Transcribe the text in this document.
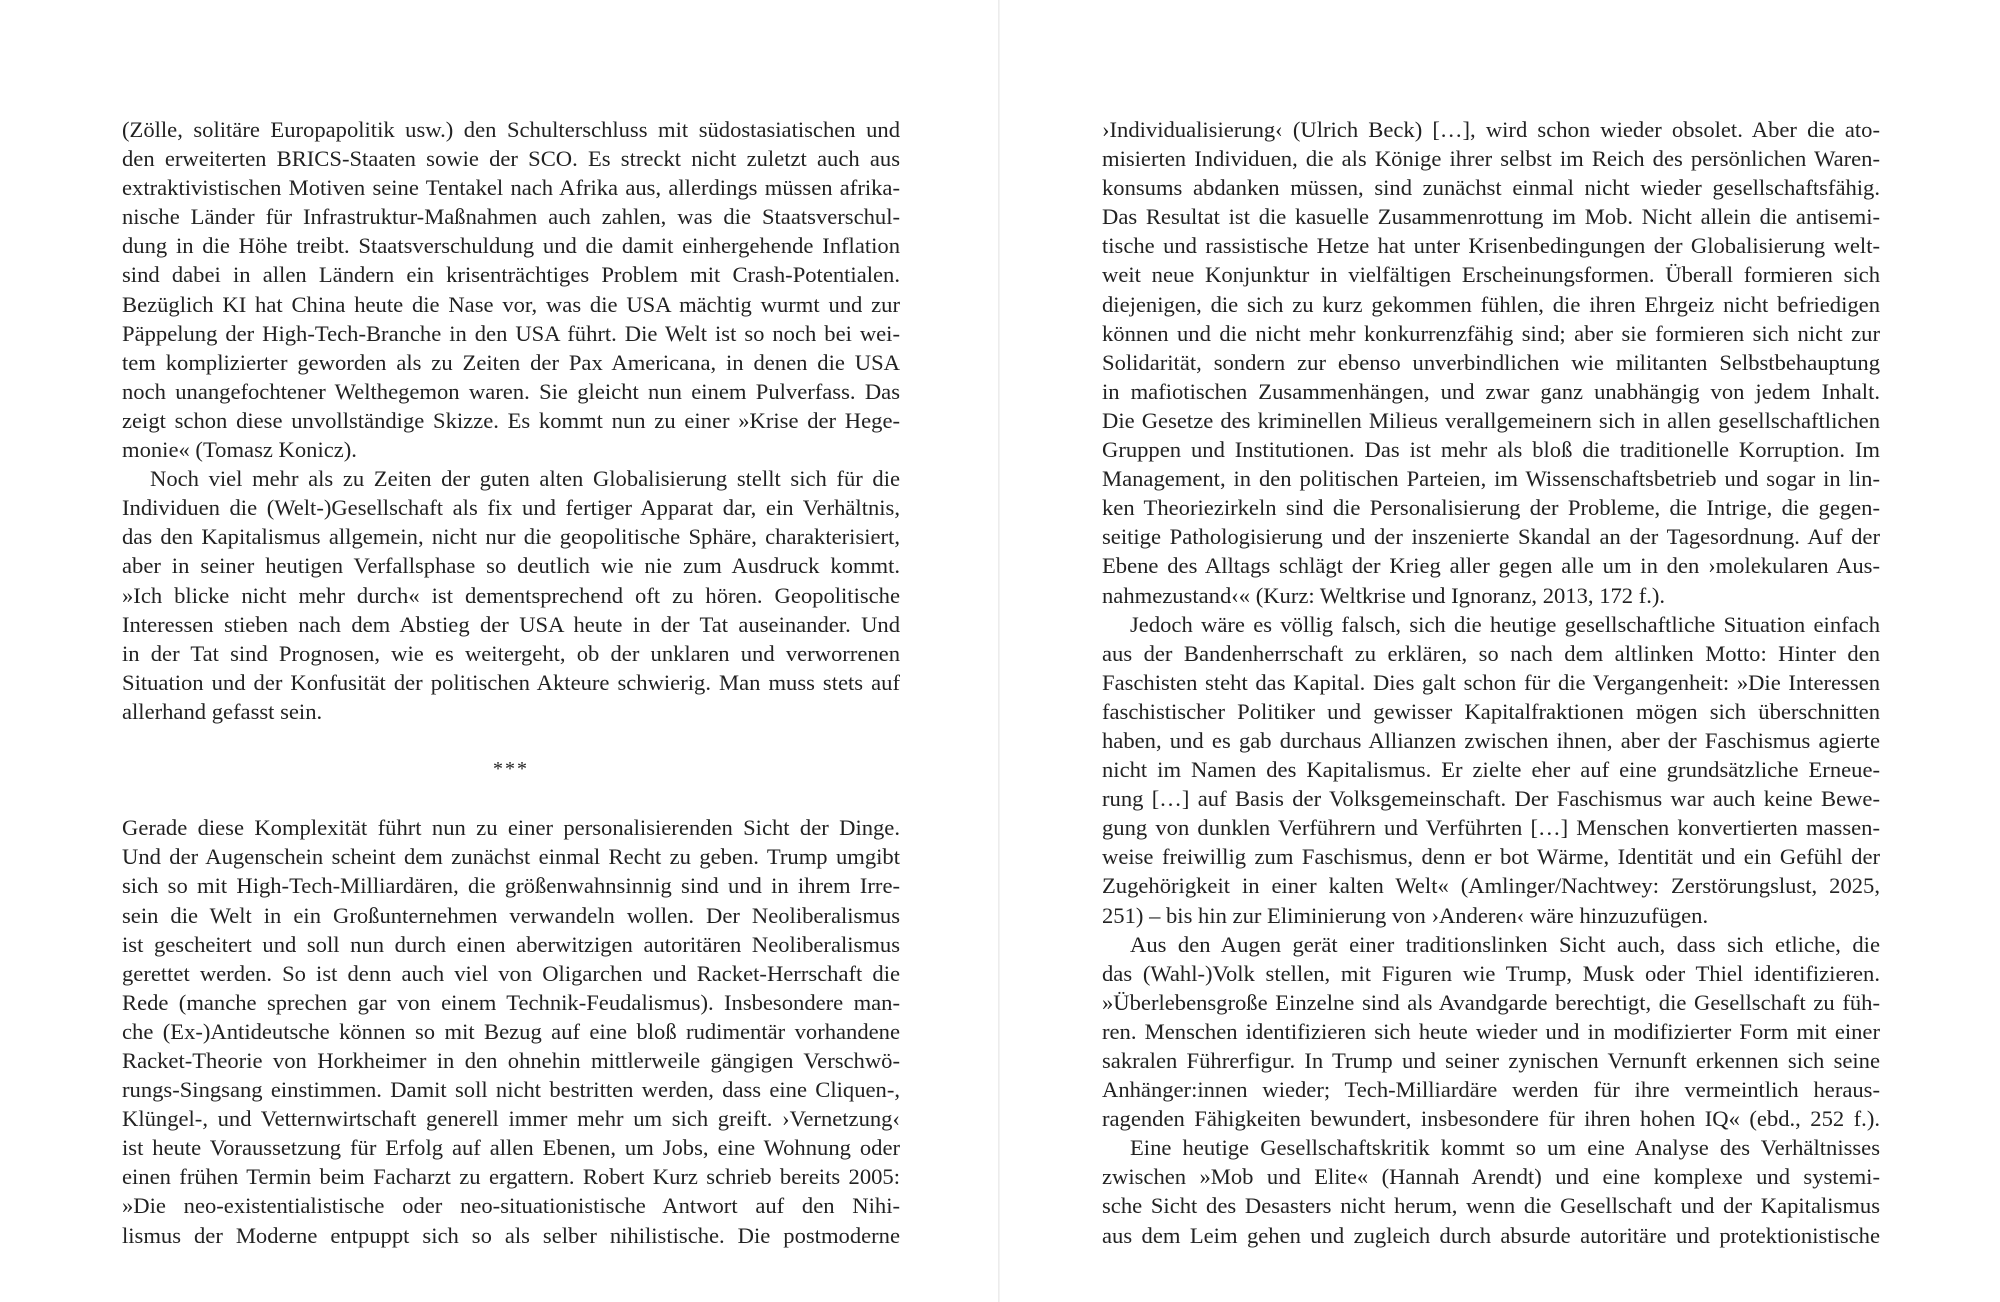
(Zölle, solitäre Europapolitik usw.) den Schulterschluss mit südostasiatischen und
den erweiterten BRICS-Staaten sowie der SCO. Es streckt nicht zuletzt auch aus
extraktivistischen Motiven seine Tentakel nach Afrika aus, allerdings müssen afrika-
nische Länder für Infrastruktur-Maßnahmen auch zahlen, was die Staatsverschul-
dung in die Höhe treibt. Staatsverschuldung und die damit einhergehende Inflation
sind dabei in allen Ländern ein krisenträchtiges Problem mit Crash-Potentialen.
Bezüglich KI hat China heute die Nase vor, was die USA mächtig wurmt und zur
Päppelung der High-Tech-Branche in den USA führt. Die Welt ist so noch bei wei-
tem komplizierter geworden als zu Zeiten der Pax Americana, in denen die USA
noch unangefochtener Welthegemon waren. Sie gleicht nun einem Pulverfass. Das
zeigt schon diese unvollständige Skizze. Es kommt nun zu einer »Krise der Hege-
monie« (Tomasz Konicz).
Noch viel mehr als zu Zeiten der guten alten Globalisierung stellt sich für die
Individuen die (Welt-)Gesellschaft als fix und fertiger Apparat dar, ein Verhältnis,
das den Kapitalismus allgemein, nicht nur die geopolitische Sphäre, charakterisiert,
aber in seiner heutigen Verfallsphase so deutlich wie nie zum Ausdruck kommt.
»Ich blicke nicht mehr durch« ist dementsprechend oft zu hören. Geopolitische
Interessen stieben nach dem Abstieg der USA heute in der Tat auseinander. Und
in der Tat sind Prognosen, wie es weitergeht, ob der unklaren und verworrenen
Situation und der Konfusität der politischen Akteure schwierig. Man muss stets auf
allerhand gefasst sein.
***
Gerade diese Komplexität führt nun zu einer personalisierenden Sicht der Dinge.
Und der Augenschein scheint dem zunächst einmal Recht zu geben. Trump umgibt
sich so mit High-Tech-Milliardären, die größenwahnsinnig sind und in ihrem Irre-
sein die Welt in ein Großunternehmen verwandeln wollen. Der Neoliberalismus
ist gescheitert und soll nun durch einen aberwitzigen autoritären Neoliberalismus
gerettet werden. So ist denn auch viel von Oligarchen und Racket-Herrschaft die
Rede (manche sprechen gar von einem Technik-Feudalismus). Insbesondere man-
che (Ex-)Antideutsche können so mit Bezug auf eine bloß rudimentär vorhandene
Racket-Theorie von Horkheimer in den ohnehin mittlerweile gängigen Verschwö-
rungs-Singsang einstimmen. Damit soll nicht bestritten werden, dass eine Cliquen-,
Klüngel-, und Vetternwirtschaft generell immer mehr um sich greift. ›Vernetzung‹
ist heute Voraussetzung für Erfolg auf allen Ebenen, um Jobs, eine Wohnung oder
einen frühen Termin beim Facharzt zu ergattern. Robert Kurz schrieb bereits 2005:
»Die neo-existentialistische oder neo-situationistische Antwort auf den Nihi-
lismus der Moderne entpuppt sich so als selber nihilistische. Die postmoderne
›Individualisierung‹ (Ulrich Beck) […], wird schon wieder obsolet. Aber die ato-
misierten Individuen, die als Könige ihrer selbst im Reich des persönlichen Waren-
konsums abdanken müssen, sind zunächst einmal nicht wieder gesellschaftsfähig.
Das Resultat ist die kasuelle Zusammenrottung im Mob. Nicht allein die antisemi-
tische und rassistische Hetze hat unter Krisenbedingungen der Globalisierung welt-
weit neue Konjunktur in vielfältigen Erscheinungsformen. Überall formieren sich
diejenigen, die sich zu kurz gekommen fühlen, die ihren Ehrgeiz nicht befriedigen
können und die nicht mehr konkurrenzfähig sind; aber sie formieren sich nicht zur
Solidarität, sondern zur ebenso unverbindlichen wie militanten Selbstbehauptung
in mafiotischen Zusammenhängen, und zwar ganz unabhängig von jedem Inhalt.
Die Gesetze des kriminellen Milieus verallgemeinern sich in allen gesellschaftlichen
Gruppen und Institutionen. Das ist mehr als bloß die traditionelle Korruption. Im
Management, in den politischen Parteien, im Wissenschaftsbetrieb und sogar in lin-
ken Theoriezirkeln sind die Personalisierung der Probleme, die Intrige, die gegen-
seitige Pathologisierung und der inszenierte Skandal an der Tagesordnung. Auf der
Ebene des Alltags schlägt der Krieg aller gegen alle um in den ›molekularen Aus-
nahmezustand‹« (Kurz: Weltkrise und Ignoranz, 2013, 172 f.).
Jedoch wäre es völlig falsch, sich die heutige gesellschaftliche Situation einfach
aus der Bandenherrschaft zu erklären, so nach dem altlinken Motto: Hinter den
Faschisten steht das Kapital. Dies galt schon für die Vergangenheit: »Die Interessen
faschistischer Politiker und gewisser Kapitalfraktionen mögen sich überschnitten
haben, und es gab durchaus Allianzen zwischen ihnen, aber der Faschismus agierte
nicht im Namen des Kapitalismus. Er zielte eher auf eine grundsätzliche Erneue-
rung […] auf Basis der Volksgemeinschaft. Der Faschismus war auch keine Bewe-
gung von dunklen Verführern und Verführten […] Menschen konvertierten massen-
weise freiwillig zum Faschismus, denn er bot Wärme, Identität und ein Gefühl der
Zugehörigkeit in einer kalten Welt« (Amlinger/Nachtwey: Zerstörungslust, 2025,
251) – bis hin zur Eliminierung von ›Anderen‹ wäre hinzuzufügen.
Aus den Augen gerät einer traditionslinken Sicht auch, dass sich etliche, die
das (Wahl-)Volk stellen, mit Figuren wie Trump, Musk oder Thiel identifizieren.
»Überlebensgroße Einzelne sind als Avandgarde berechtigt, die Gesellschaft zu füh-
ren. Menschen identifizieren sich heute wieder und in modifizierter Form mit einer
sakralen Führerfigur. In Trump und seiner zynischen Vernunft erkennen sich seine
Anhänger:innen wieder; Tech-Milliardäre werden für ihre vermeintlich heraus-
ragenden Fähigkeiten bewundert, insbesondere für ihren hohen IQ« (ebd., 252 f.).
Eine heutige Gesellschaftskritik kommt so um eine Analyse des Verhältnisses
zwischen »Mob und Elite« (Hannah Arendt) und eine komplexe und systemi-
sche Sicht des Desasters nicht herum, wenn die Gesellschaft und der Kapitalismus
aus dem Leim gehen und zugleich durch absurde autoritäre und protektionistische
